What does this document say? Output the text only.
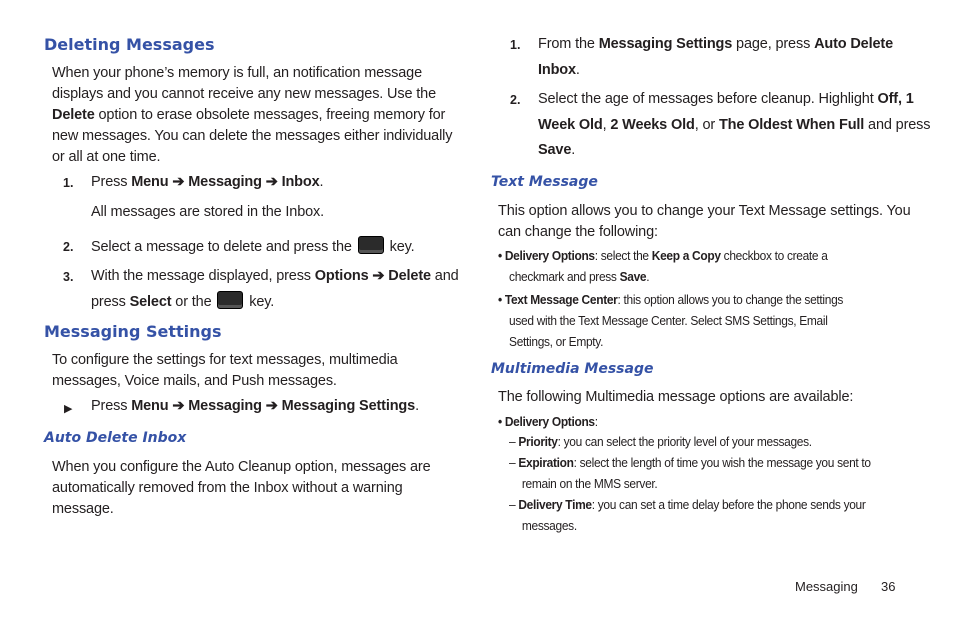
Deleting Messages
When your phone’s memory is full, an notification message
displays and you cannot receive any new messages. Use the
Delete option to erase obsolete messages, freeing memory for
new messages. You can delete the messages either individually
or all at one time.
1. Press Menu ➔ Messaging ➔ Inbox.
All messages are stored in the Inbox.
2. Select a message to delete and press the	key.
3. With the message displayed, press Options ➔ Delete and
press Select or the	key.
Messaging Settings
To configure the settings for text messages, multimedia
messages, Voice mails, and Push messages.
▶ Press Menu ➔ Messaging ➔ Messaging Settings.
Auto Delete Inbox
When you configure the Auto Cleanup option, messages are
automatically removed from the Inbox without a warning
message.
1. From the Messaging Settings page, press Auto Delete
Inbox.
2. Select the age of messages before cleanup. Highlight Off, 1
Week Old, 2 Weeks Old, or The Oldest When Full and press
Save.
Text Message
This option allows you to change your Text Message settings. You
can change the following:
• Delivery Options: select the Keep a Copy checkbox to create a
checkmark and press Save.
• Text Message Center: this option allows you to change the settings
used with the Text Message Center. Select SMS Settings, Email
Settings, or Empty.
Multimedia Message
The following Multimedia message options are available:
• Delivery Options:
– Priority: you can select the priority level of your messages.
– Expiration: select the length of time you wish the message you sent to
remain on the MMS server.
– Delivery Time: you can set a time delay before the phone sends your
messages.
Messaging 36
